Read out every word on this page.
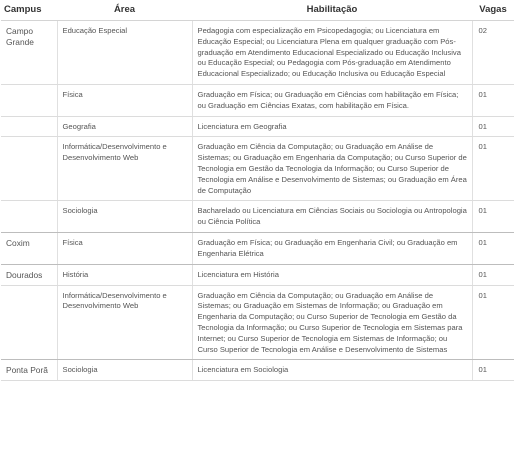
Campus	Área	Habilitação	Vagas
Campo Grande	Educação Especial	Pedagogia com especialização em Psicopedagogia; ou Licenciatura em Educação Especial; ou Licenciatura Plena em qualquer graduação com Pós-graduação em Atendimento Educacional Especializado ou Educação Inclusiva ou Educação Especial; ou Pedagogia com Pós-graduação em Atendimento Educacional Especializado; ou Educação Inclusiva ou Educação Especial	02
	Física	Graduação em Física; ou Graduação em Ciências com habilitação em Física; ou Graduação em Ciências Exatas, com habilitação em Física.	01
	Geografia	Licenciatura em Geografia	01
	Informática/Desenvolvimento e Desenvolvimento Web	Graduação em Ciência da Computação; ou Graduação em Análise de Sistemas; ou Graduação em Engenharia da Computação; ou Curso Superior de Tecnologia em Gestão da Tecnologia da Informação; ou Curso Superior de Tecnologia em Análise e Desenvolvimento de Sistemas; ou Graduação em Área de Computação	01
	Sociologia	Bacharelado ou Licenciatura em Ciências Sociais ou Sociologia ou Antropologia ou Ciência Política	01
Coxim	Física	Graduação em Física; ou Graduação em Engenharia Civil; ou Graduação em Engenharia Elétrica	01
Dourados	História	Licenciatura em História	01
	Informática/Desenvolvimento e Desenvolvimento Web	Graduação em Ciência da Computação; ou Graduação em Análise de Sistemas; ou Graduação em Sistemas de Informação; ou Graduação em Engenharia da Computação; ou Curso Superior de Tecnologia em Gestão da Tecnologia da Informação; ou Curso Superior de Tecnologia em Sistemas para Internet; ou Curso Superior de Tecnologia em Sistemas de Informação; ou Curso Superior de Tecnologia em Análise e Desenvolvimento de Sistemas	01
Ponta Porã	Sociologia	Licenciatura em Sociologia	01
